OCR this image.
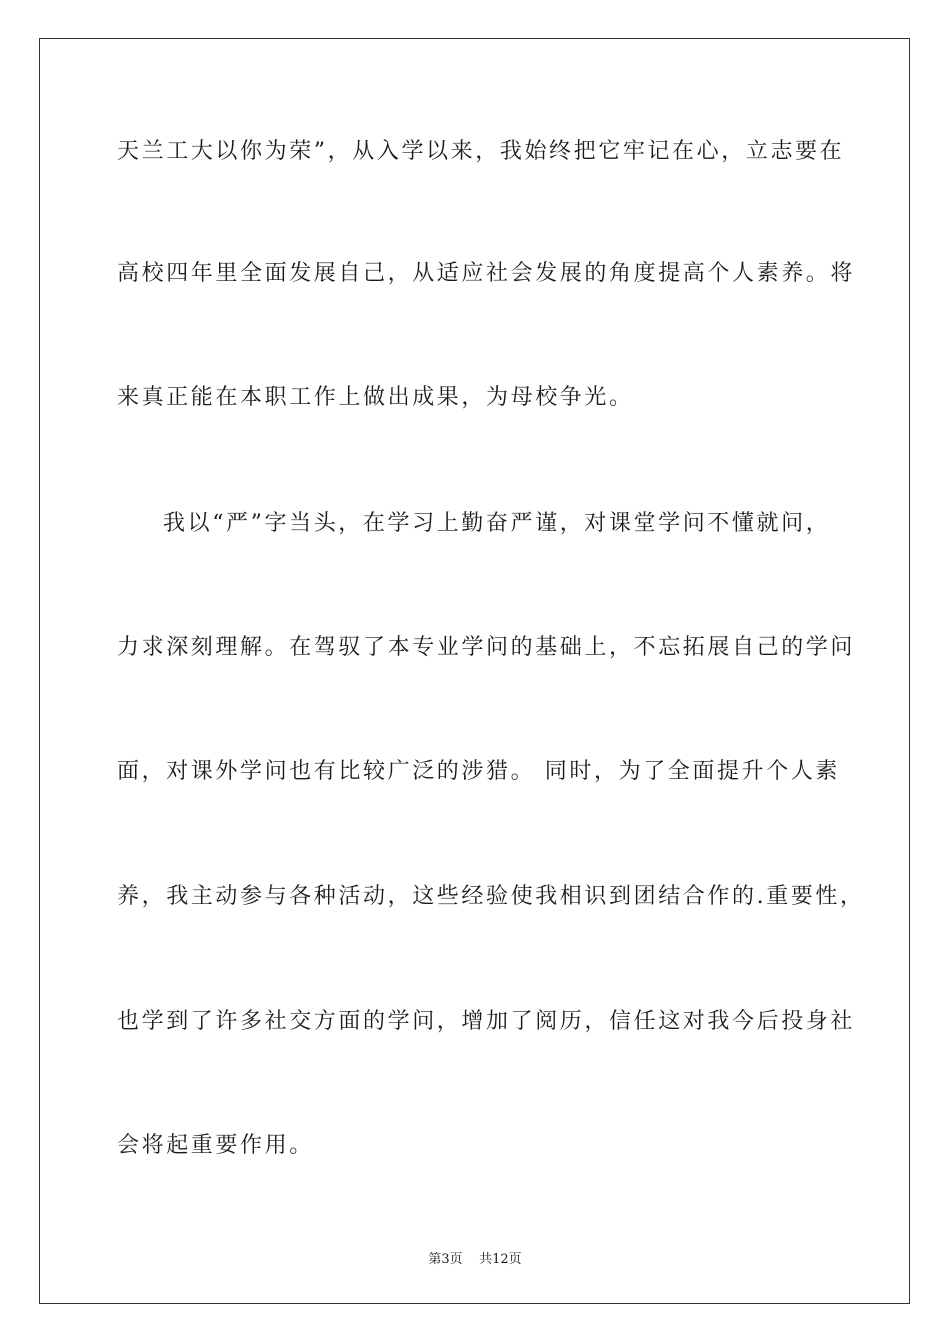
天兰工大以你为荣”，从入学以来，我始终把它牢记在心，立志要在
高校四年里全面发展自己，从适应社会发展的角度提高个人素养。将
来真正能在本职工作上做出成果，为母校争光。
我以“严”字当头，在学习上勤奋严谨，对课堂学问不懂就问，
力求深刻理解。在驾驭了本专业学问的基础上，不忘拓展自己的学问
面，对课外学问也有比较广泛的涉猎。 同时，为了全面提升个人素
养，我主动参与各种活动，这些经验使我相识到团结合作的.重要性，
也学到了许多社交方面的学问，增加了阅历，信任这对我今后投身社
会将起重要作用。
第3页 共12页
